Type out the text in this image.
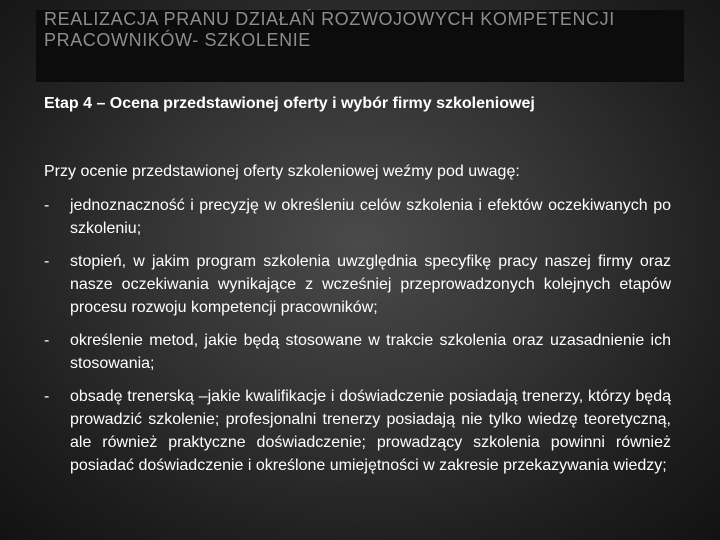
REALIZACJA PRANU DZIAŁAŃ ROZWOJOWYCH KOMPETENCJI PRACOWNIKÓW- SZKOLENIE

Etap 4 – Ocena przedstawionej oferty i wybór firmy szkoleniowej

Przy ocenie przedstawionej oferty szkoleniowej weźmy pod uwagę:

-	jednoznaczność i precyzję w określeniu celów szkolenia i efektów oczekiwanych po szkoleniu;
-	stopień, w jakim program szkolenia uwzględnia specyfikę pracy naszej firmy oraz nasze oczekiwania wynikające z wcześniej przeprowadzonych kolejnych etapów procesu rozwoju kompetencji pracowników;
-	określenie metod, jakie będą stosowane w trakcie szkolenia oraz uzasadnienie ich stosowania;
-	obsadę trenerską –jakie kwalifikacje i doświadczenie posiadają trenerzy, którzy będą prowadzić szkolenie; profesjonalni trenerzy posiadają nie tylko wiedzę teoretyczną, ale również praktyczne doświadczenie; prowadzący szkolenia powinni również posiadać doświadczenie i określone umiejętności w zakresie przekazywania wiedzy;
